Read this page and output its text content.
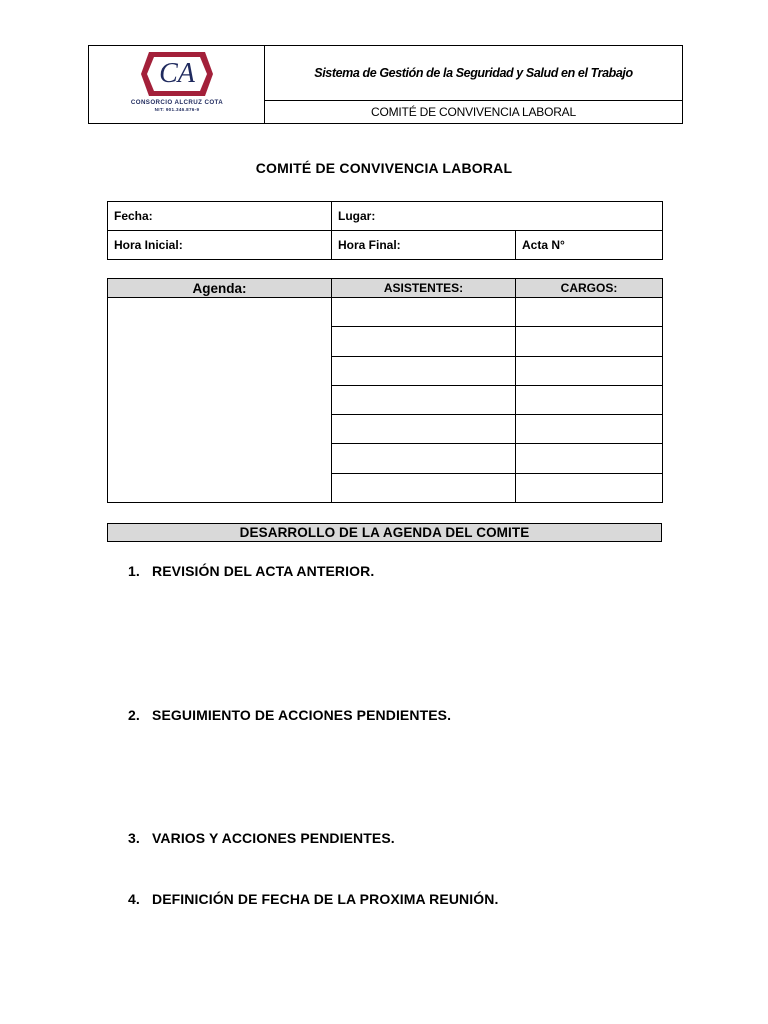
CA
CONSORCIO ALCRUZ COTA
NIT: 901.346.876-9
Sistema de Gestión de la Seguridad y Salud en el Trabajo
COMITÉ DE CONVIVENCIA LABORAL
COMITÉ DE CONVIVENCIA LABORAL
Fecha:	Lugar:	
Hora Inicial:	Hora Final:	Acta N°
Agenda:	ASISTENTES:	CARGOS:

DESARROLLO DE LA AGENDA DEL COMITE
1. REVISIÓN DEL ACTA ANTERIOR.
2. SEGUIMIENTO DE ACCIONES PENDIENTES.
3. VARIOS Y ACCIONES PENDIENTES.
4. DEFINICIÓN DE FECHA DE LA PROXIMA REUNIÓN.
